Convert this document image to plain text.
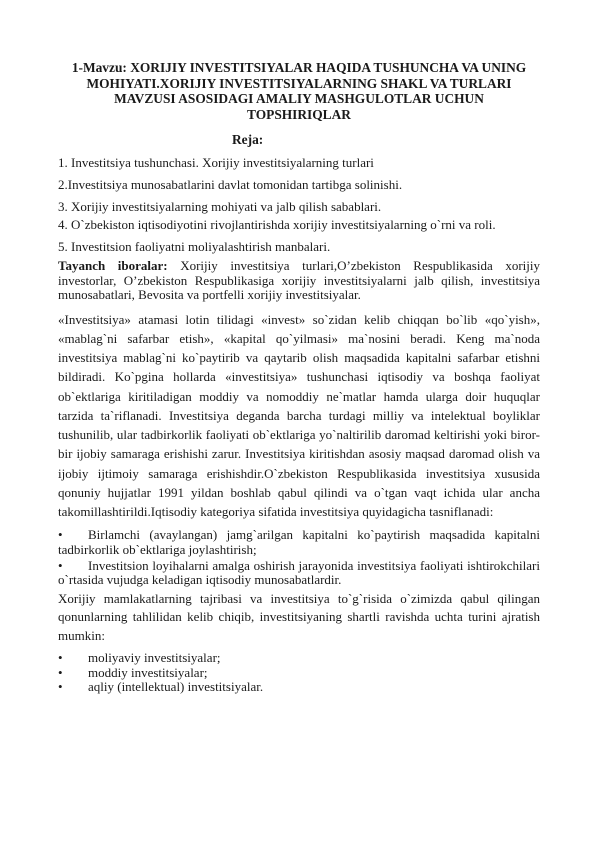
1-Mavzu: XORIJIY INVESTITSIYALAR HAQIDA TUSHUNCHA VA UNING
MOHIYATI.XORIJIY INVESTITSIYALARNING SHAKL VA TURLARI
MAVZUSI ASOSIDAGI AMALIY MASHGULOTLAR UCHUN
TOPSHIRIQLAR
Reja:
1. Investitsiya tushunchasi. Xorijiy investitsiyalarning turlari
2.Investitsiya munosabatlarini davlat tomonidan tartibga solinishi.
3. Xorijiy investitsiyalarning mohiyati va jalb qilish sabablari.
4. O`zbekiston iqtisodiyotini rivojlantirishda xorijiy investitsiyalarning o`rni va roli.
5. Investitsion faoliyatni moliyalashtirish manbalari.
Tayanch iboralar: Xorijiy investitsiya turlari,O’zbekiston Respublikasida xorijiy investorlar, O’zbekiston Respublikasiga xorijiy investitsiyalarni jalb qilish, investitsiya munosabatlari, Bevosita va portfelli xorijiy investitsiyalar.
«Investitsiya» atamasi lotin tilidagi «invest» so`zidan kelib chiqqan bo`lib «qo`yish», «mablag`ni safarbar etish», «kapital qo`yilmasi» ma`nosini beradi. Keng ma`noda investitsiya mablag`ni ko`paytirib va qaytarib olish maqsadida kapitalni safarbar etishni bildiradi. Ko`pgina hollarda «investitsiya» tushunchasi iqtisodiy va boshqa faoliyat ob`ektlariga kiritiladigan moddiy va nomoddiy ne`matlar hamda ularga doir huquqlar tarzida ta`riflanadi. Investitsiya deganda barcha turdagi milliy va intelektual boyliklar tushunilib, ular tadbirkorlik faoliyati ob`ektlariga yo`naltirilib daromad keltirishi yoki biror-bir ijobiy samaraga erishishi zarur. Investitsiya kiritishdan asosiy maqsad daromad olish va ijobiy ijtimoiy samaraga erishishdir.O`zbekiston Respublikasida investitsiya xususida qonuniy hujjatlar 1991 yildan boshlab qabul qilindi va o`tgan vaqt ichida ular ancha takomillashtirildi.Iqtisodiy kategoriya sifatida investitsiya quyidagicha tasniflanadi:
•	Birlamchi (avaylangan) jamg`arilgan kapitalni ko`paytirish maqsadida kapitalni tadbirkorlik ob`ektlariga joylashtirish;
•	Investitsion loyihalarni amalga oshirish jarayonida investitsiya faoliyati ishtirokchilari o`rtasida vujudga keladigan iqtisodiy munosabatlardir.
Xorijiy mamlakatlarning tajribasi va investitsiya to`g`risida o`zimizda qabul qilingan qonunlarning tahlilidan kelib chiqib, investitsiyaning shartli ravishda uchta turini ajratish mumkin:
• moliyaviy investitsiyalar;
• moddiy investitsiyalar;
• aqliy (intellektual) investitsiyalar.
